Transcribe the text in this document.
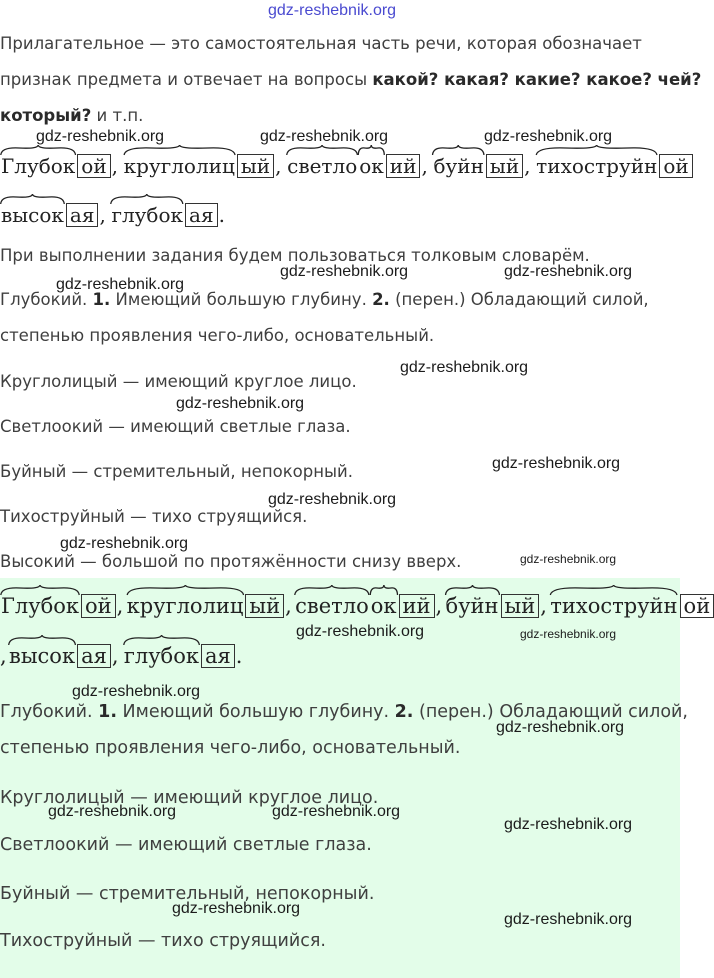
gdz-reshebnik.org
Прилагательное — это самостоятельная часть речи, которая обозначает
признак предмета и отвечает на вопросы какой? какая? какие? какое? чей?
который? и т.п.
gdz-reshebnik.org	gdz-reshebnik.org	gdz-reshebnik.org
Глубок ой , круглолиц ый , светло ок ий , буйн ый , тихоструйн ой
высок ая , глубок ая .
При выполнении задания будем пользоваться толковым словарём.
gdz-reshebnik.org
gdz-reshebnik.org	gdz-reshebnik.org
Глубокий. 1. Имеющий большую глубину. 2. (перен.) Обладающий силой,
степенью проявления чего-либо, основательный.
Круглолицый — имеющий круглое лицо.
gdz-reshebnik.org
gdz-reshebnik.org
Светлоокий — имеющий светлые глаза.
Буйный — стремительный, непокорный.	gdz-reshebnik.org
gdz-reshebnik.org
Тихоструйный — тихо струящийся.
gdz-reshebnik.org
Высокий — большой по протяжённости снизу вверх.	gdz-reshebnik.org
Глубок ой , круглолиц ый , светло
ок ий , буйн ый , тихоструйн ой
, высок ая , глубок ая .
gdz-reshebnik.org	gdz-reshebnik.org
gdz-reshebnik.org
Глубокий. 1. Имеющий большую глубину. 2. (перен.) Обладающий силой,
gdz-reshebnik.org
степенью проявления чего-либо, основательный.
Круглолицый — имеющий круглое лицо.
gdz-reshebnik.org	gdz-reshebnik.org
gdz-reshebnik.org
Светлоокий — имеющий светлые глаза.
Буйный — стремительный, непокорный.
gdz-reshebnik.org
gdz-reshebnik.org
Тихоструйный — тихо струящийся.
